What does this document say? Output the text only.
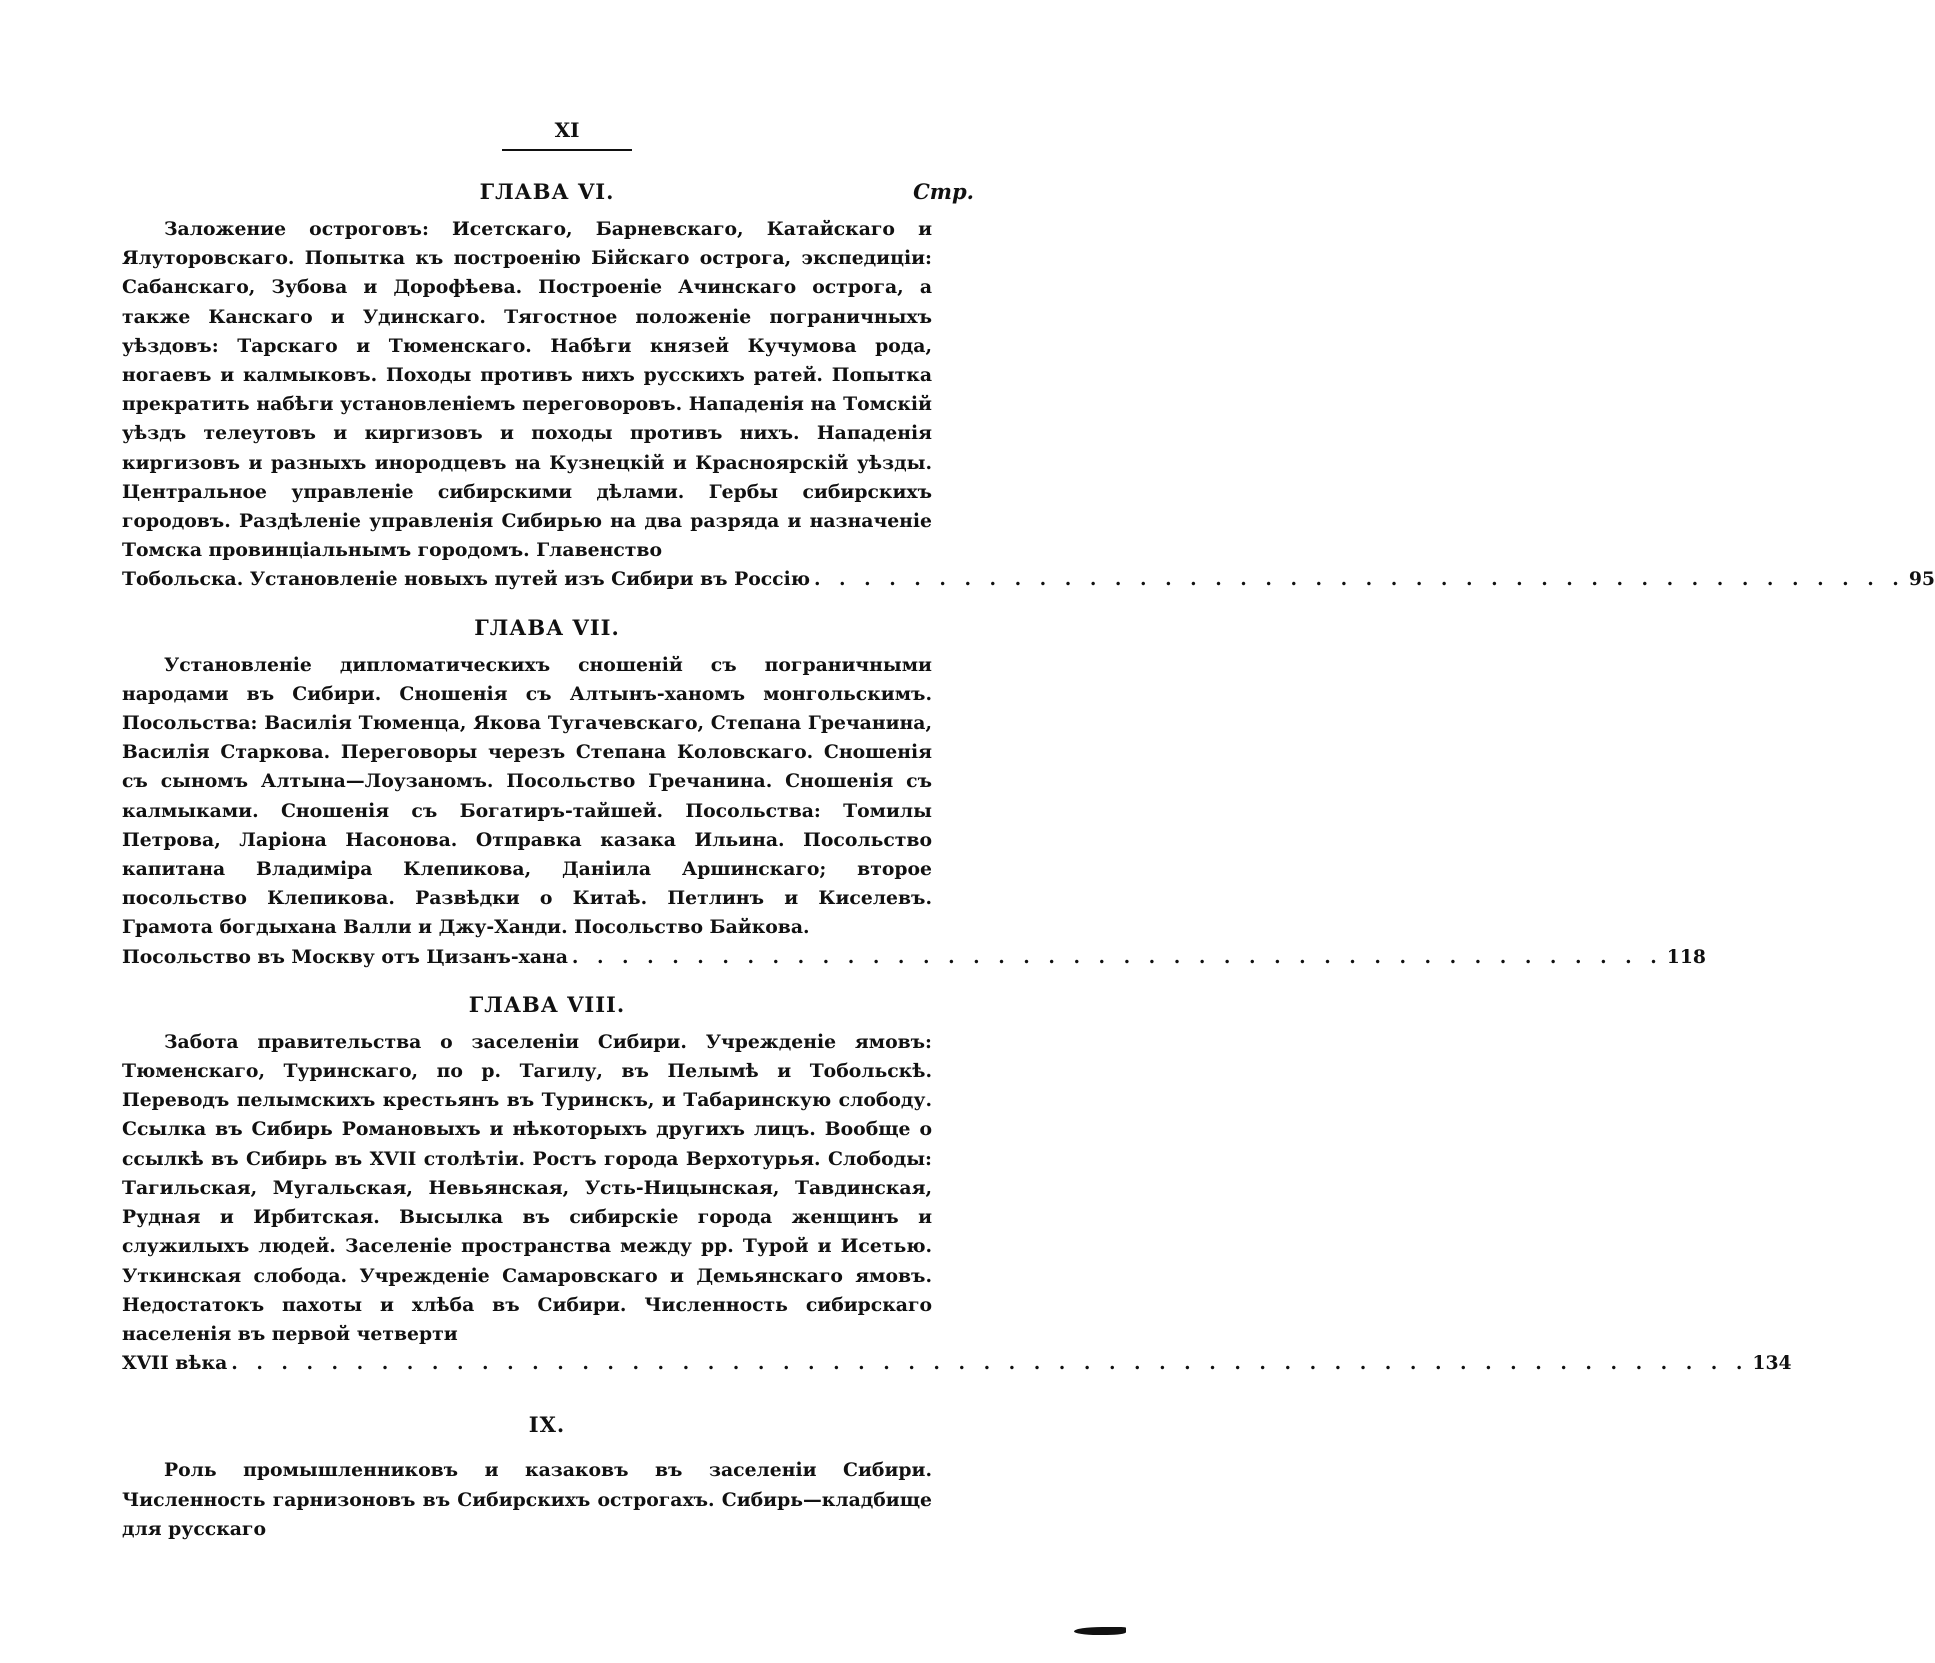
XI
ГЛАВА VI.	Стр.
Заложение остроговъ: Исетскаго, Барневскаго, Катайскаго и Ялуторовскаго. Попытка къ построенію Бійскаго острога, экспедиціи: Сабанскаго, Зубова и Дорофѣева. Построеніе Ачинскаго острога, а также Канскаго и Удинскаго. Тягостное положеніе пограничныхъ уѣздовъ: Тарскаго и Тюменскаго. Набѣги князей Кучумова рода, ногаевъ и калмыковъ. Походы противъ нихъ русскихъ ратей. Попытка прекратить набѣги установленіемъ переговоровъ. Нападенія на Томскій уѣздъ телеутовъ и киргизовъ и походы противъ нихъ. Нападенія киргизовъ и разныхъ инородцевъ на Кузнецкій и Красноярскій уѣзды. Центральное управленіе сибирскими дѣлами. Гербы сибирскихъ городовъ. Раздѣленіе управленія Сибирью на два разряда и назначеніе Томска провинціальнымъ городомъ. Главенство
Тобольска. Установленіе новыхъ путей изъ Сибири въ Россію . . . . . . . . . . . . . . . . . . . . . . . . . . . . . . . . . . . . . . . . . . . . 95
ГЛАВА VII.
Установленіе дипломатическихъ сношеній съ пограничными народами въ Сибири. Сношенія съ Алтынъ-ханомъ монгольскимъ. Посольства: Василія Тюменца, Якова Тугачевскаго, Степана Гречанина, Василія Старкова. Переговоры черезъ Степана Коловскаго. Сношенія съ сыномъ Алтына—Лоузаномъ. Посольство Гречанина. Сношенія съ калмыками. Сношенія съ Богатиръ-тайшей. Посольства: Томилы Петрова, Ларіона Насонова. Отправка казака Ильина. Посольство капитана Владиміра Клепикова, Даніила Аршинскаго; второе посольство Клепикова. Развѣдки о Китаѣ. Петлинъ и Киселевъ. Грамота богдыхана Валли и Джу-Ханди. Посольство Байкова.
Посольство въ Москву отъ Цизанъ-хана . . . . . . . . . . . . . . . . . . . . . . . . . . . . . . . . . . . . . . . . . . . . 118
ГЛАВА VIII.
Забота правительства о заселеніи Сибири. Учрежденіе ямовъ: Тюменскаго, Туринскаго, по р. Тагилу, въ Пелымѣ и Тобольскѣ. Переводъ пелымскихъ крестьянъ въ Туринскъ, и Табаринскую слободу. Ссылка въ Сибирь Романовыхъ и нѣкоторыхъ другихъ лицъ. Вообще о ссылкѣ въ Сибирь въ XVII столѣтіи. Ростъ города Верхотурья. Слободы: Тагильская, Мугальская, Невьянская, Усть-Ницынская, Тавдинская, Рудная и Ирбитская. Высылка въ сибирскіе города женщинъ и служилыхъ людей. Заселеніе пространства между рр. Турой и Исетью. Уткинская слобода. Учрежденіе Самаровскаго и Демьянскаго ямовъ. Недостатокъ пахоты и хлѣба въ Сибири. Численность сибирскаго населенія въ первой четверти
XVII вѣка . . . . . . . . . . . . . . . . . . . . . . . . . . . . . . . . . . . . . . . . . . . . . . . . . . . . . . . . . . . . . 134
IX.
Роль промышленниковъ и казаковъ въ заселеніи Сибири. Численность гарнизоновъ въ Сибирскихъ острогахъ. Сибирь—кладбище для русскаго
